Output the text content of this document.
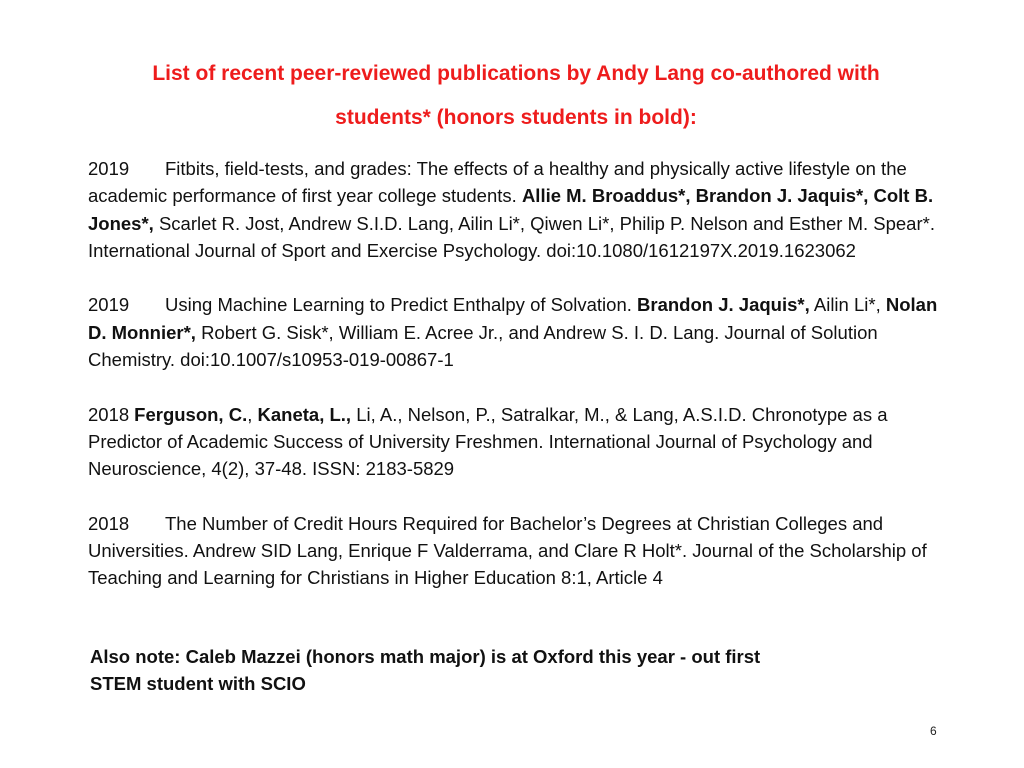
List of recent peer-reviewed publications by Andy Lang co-authored with
students* (honors students in bold):
2019 Fitbits, field-tests, and grades: The effects of a healthy and physically active lifestyle on the academic performance of first year college students. Allie M. Broaddus*, Brandon J. Jaquis*, Colt B. Jones*, Scarlet R. Jost, Andrew S.I.D. Lang, Ailin Li*, Qiwen Li*, Philip P. Nelson and Esther M. Spear*. International Journal of Sport and Exercise Psychology. doi:10.1080/1612197X.2019.1623062
2019 Using Machine Learning to Predict Enthalpy of Solvation. Brandon J. Jaquis*, Ailin Li*, Nolan D. Monnier*, Robert G. Sisk*, William E. Acree Jr., and Andrew S. I. D. Lang. Journal of Solution Chemistry. doi:10.1007/s10953-019-00867-1
2018 Ferguson, C., Kaneta, L., Li, A., Nelson, P., Satralkar, M., & Lang, A.S.I.D. Chronotype as a Predictor of Academic Success of University Freshmen. International Journal of Psychology and Neuroscience, 4(2), 37-48. ISSN: 2183-5829
2018 The Number of Credit Hours Required for Bachelor’s Degrees at Christian Colleges and Universities. Andrew SID Lang, Enrique F Valderrama, and Clare R Holt*. Journal of the Scholarship of Teaching and Learning for Christians in Higher Education 8:1, Article 4
Also note: Caleb Mazzei (honors math major) is at Oxford this year - out first
STEM student with SCIO
6
